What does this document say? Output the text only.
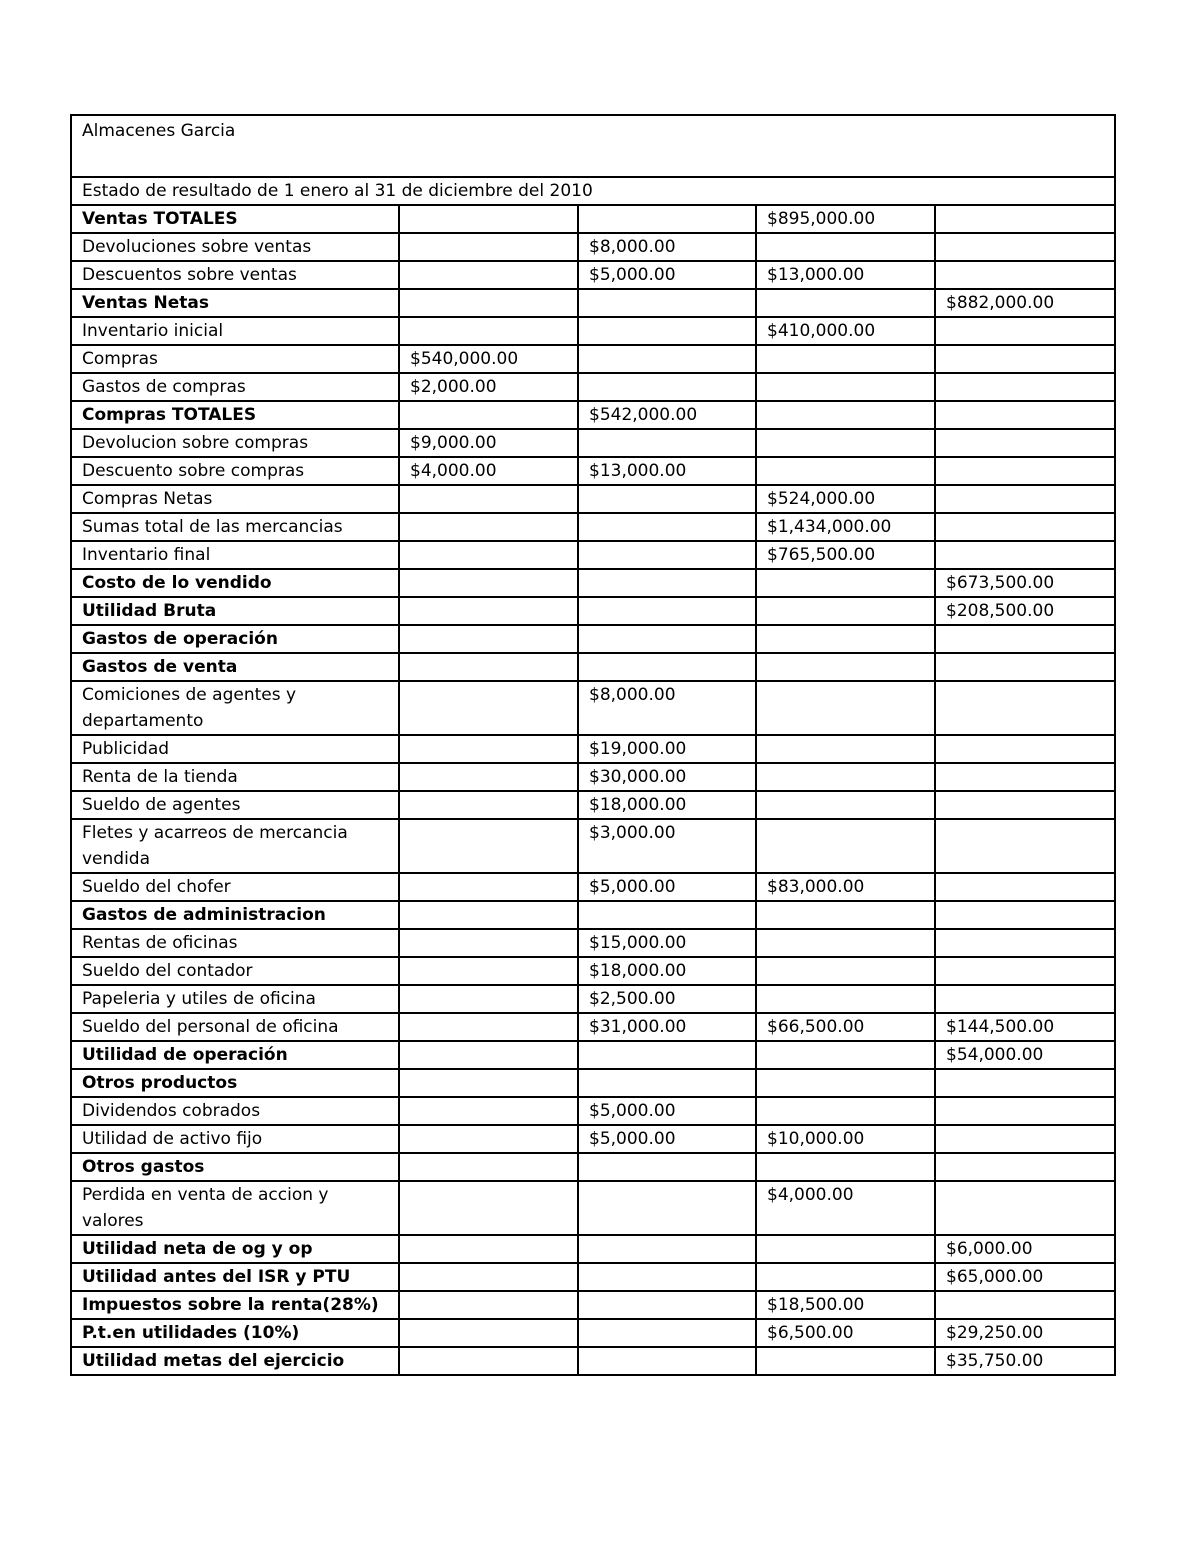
Almacenes Garcia				
Estado de resultado de 1 enero al 31 de diciembre del 2010				
Ventas TOTALES			$895,000.00	
Devoluciones sobre ventas		$8,000.00		
Descuentos sobre ventas		$5,000.00	$13,000.00	
Ventas Netas				$882,000.00
Inventario inicial			$410,000.00	
Compras	$540,000.00			
Gastos de compras	$2,000.00			
Compras TOTALES		$542,000.00		
Devolucion sobre compras	$9,000.00			
Descuento sobre compras	$4,000.00	$13,000.00		
Compras Netas			$524,000.00	
Sumas total de las mercancias			$1,434,000.00	
Inventario final			$765,500.00	
Costo de lo vendido				$673,500.00
Utilidad Bruta				$208,500.00
Gastos de operación				
Gastos de venta				
Comiciones de agentes y departamento		$8,000.00		
Publicidad		$19,000.00		
Renta de la tienda		$30,000.00		
Sueldo de agentes		$18,000.00		
Fletes y acarreos de mercancia vendida		$3,000.00		
Sueldo del chofer		$5,000.00	$83,000.00	
Gastos de administracion				
Rentas de oficinas		$15,000.00		
Sueldo del contador		$18,000.00		
Papeleria y utiles de oficina		$2,500.00		
Sueldo del personal de oficina		$31,000.00	$66,500.00	$144,500.00
Utilidad de operación				$54,000.00
Otros productos				
Dividendos cobrados		$5,000.00		
Utilidad de activo fijo		$5,000.00	$10,000.00	
Otros gastos				
Perdida en venta de accion y valores			$4,000.00	
Utilidad neta de og y op				$6,000.00
Utilidad antes del ISR y PTU				$65,000.00
Impuestos sobre la renta(28%)			$18,500.00	
P.t.en utilidades (10%)			$6,500.00	$29,250.00
Utilidad metas del ejercicio				$35,750.00
